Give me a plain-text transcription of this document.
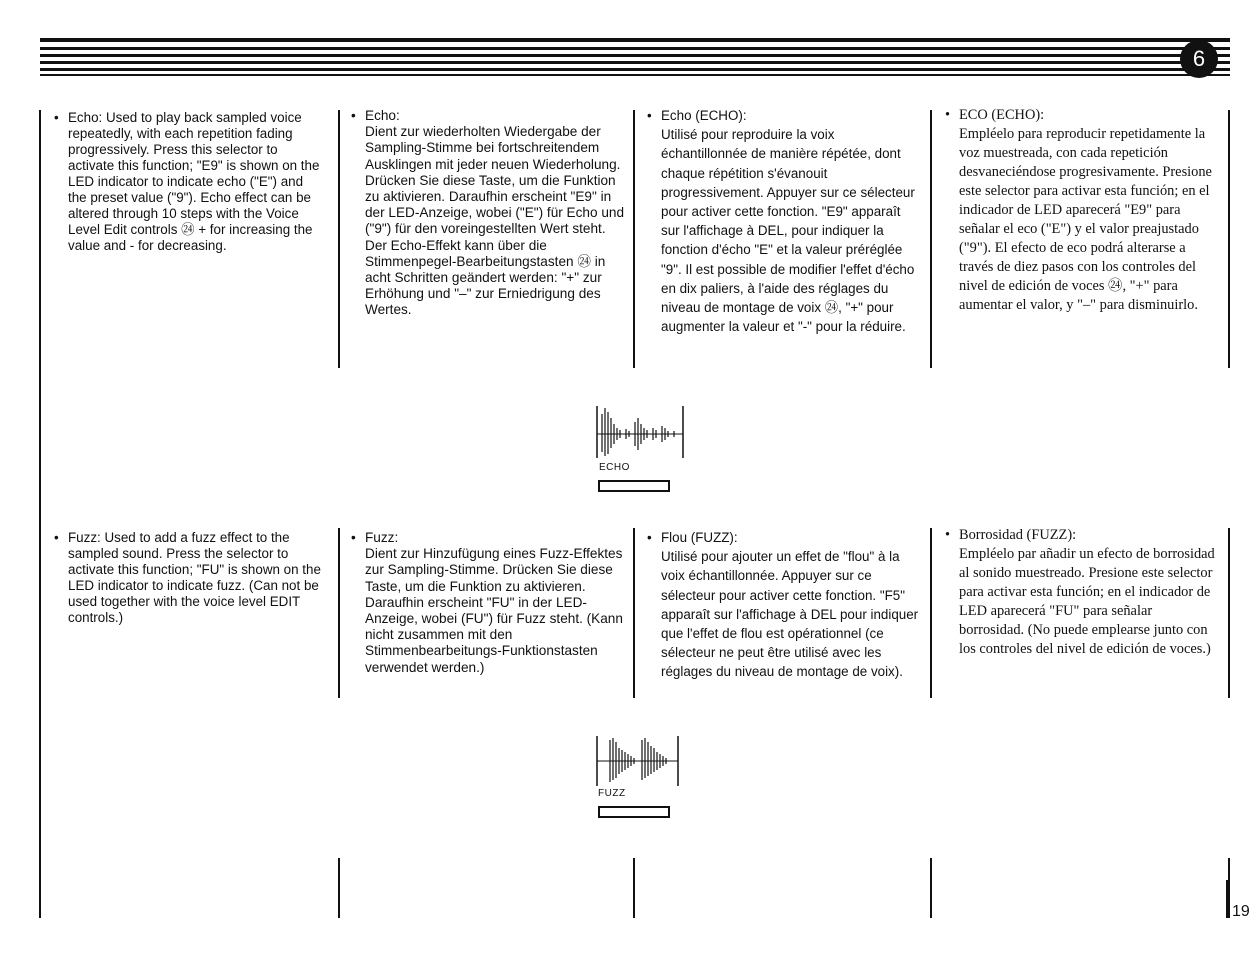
6
• Echo: Used to play back sampled voice repeatedly, with each repetition fading progressively. Press this selector to activate this function; "E9" is shown on the LED indicator to indicate echo ("E") and the preset value ("9"). Echo effect can be altered through 10 steps with the Voice Level Edit controls ㉔ + for increasing the value and - for decreasing.
• Echo:
Dient zur wiederholten Wiedergabe der Sampling-Stimme bei fortschreitendem Ausklingen mit jeder neuen Wiederholung. Drücken Sie diese Taste, um die Funktion zu aktivieren. Daraufhin erscheint "E9" in der LED-Anzeige, wobei ("E") für Echo und ("9") für den voreingestellten Wert steht.
Der Echo-Effekt kann über die Stimmenpegel-Bearbeitungstasten ㉔ in acht Schritten geändert werden: "+" zur Erhöhung und "–" zur Erniedrigung des Wertes.
• Echo (ECHO):
Utilisé pour reproduire la voix échantillonnée de manière répétée, dont chaque répétition s'évanouit progressivement. Appuyer sur ce sélecteur pour activer cette fonction. "E9" apparaît sur l'affichage à DEL, pour indiquer la fonction d'écho "E" et la valeur préréglée "9". Il est possible de modifier l'effet d'écho en dix paliers, à l'aide des réglages du niveau de montage de voix ㉔, "+" pour augmenter la valeur et "-" pour la réduire.
• ECO (ECHO):
Empléelo para reproducir repetidamente la voz muestreada, con cada repetición desvaneciéndose progresivamente. Presione este selector para activar esta función; en el indicador de LED aparecerá "E9" para señalar el eco ("E") y el valor preajustado ("9"). El efecto de eco podrá alterarse a través de diez pasos con los controles del nivel de edición de voces ㉔, "+" para aumentar el valor, y "–" para disminuirlo.
ECHO
• Fuzz: Used to add a fuzz effect to the sampled sound. Press the selector to activate this function; "FU" is shown on the LED indicator to indicate fuzz. (Can not be used together with the voice level EDIT controls.)
• Fuzz:
Dient zur Hinzufügung eines Fuzz-Effektes zur Sampling-Stimme. Drücken Sie diese Taste, um die Funktion zu aktivieren. Daraufhin erscheint "FU" in der LED-Anzeige, wobei (FU") für Fuzz steht. (Kann nicht zusammen mit den Stimmenbearbeitungs-Funktionstasten verwendet werden.)
• Flou (FUZZ):
Utilisé pour ajouter un effet de "flou" à la voix échantillonnée. Appuyer sur ce sélecteur pour activer cette fonction. "F5" apparaît sur l'affichage à DEL pour indiquer que l'effet de flou est opérationnel (ce sélecteur ne peut être utilisé avec les réglages du niveau de montage de voix).
• Borrosidad (FUZZ):
Empléelo par añadir un efecto de borrosidad al sonido muestreado. Presione este selector para activar esta función; en el indicador de LED aparecerá "FU" para señalar borrosidad. (No puede emplearse junto con los controles del nivel de edición de voces.)
FUZZ
19
